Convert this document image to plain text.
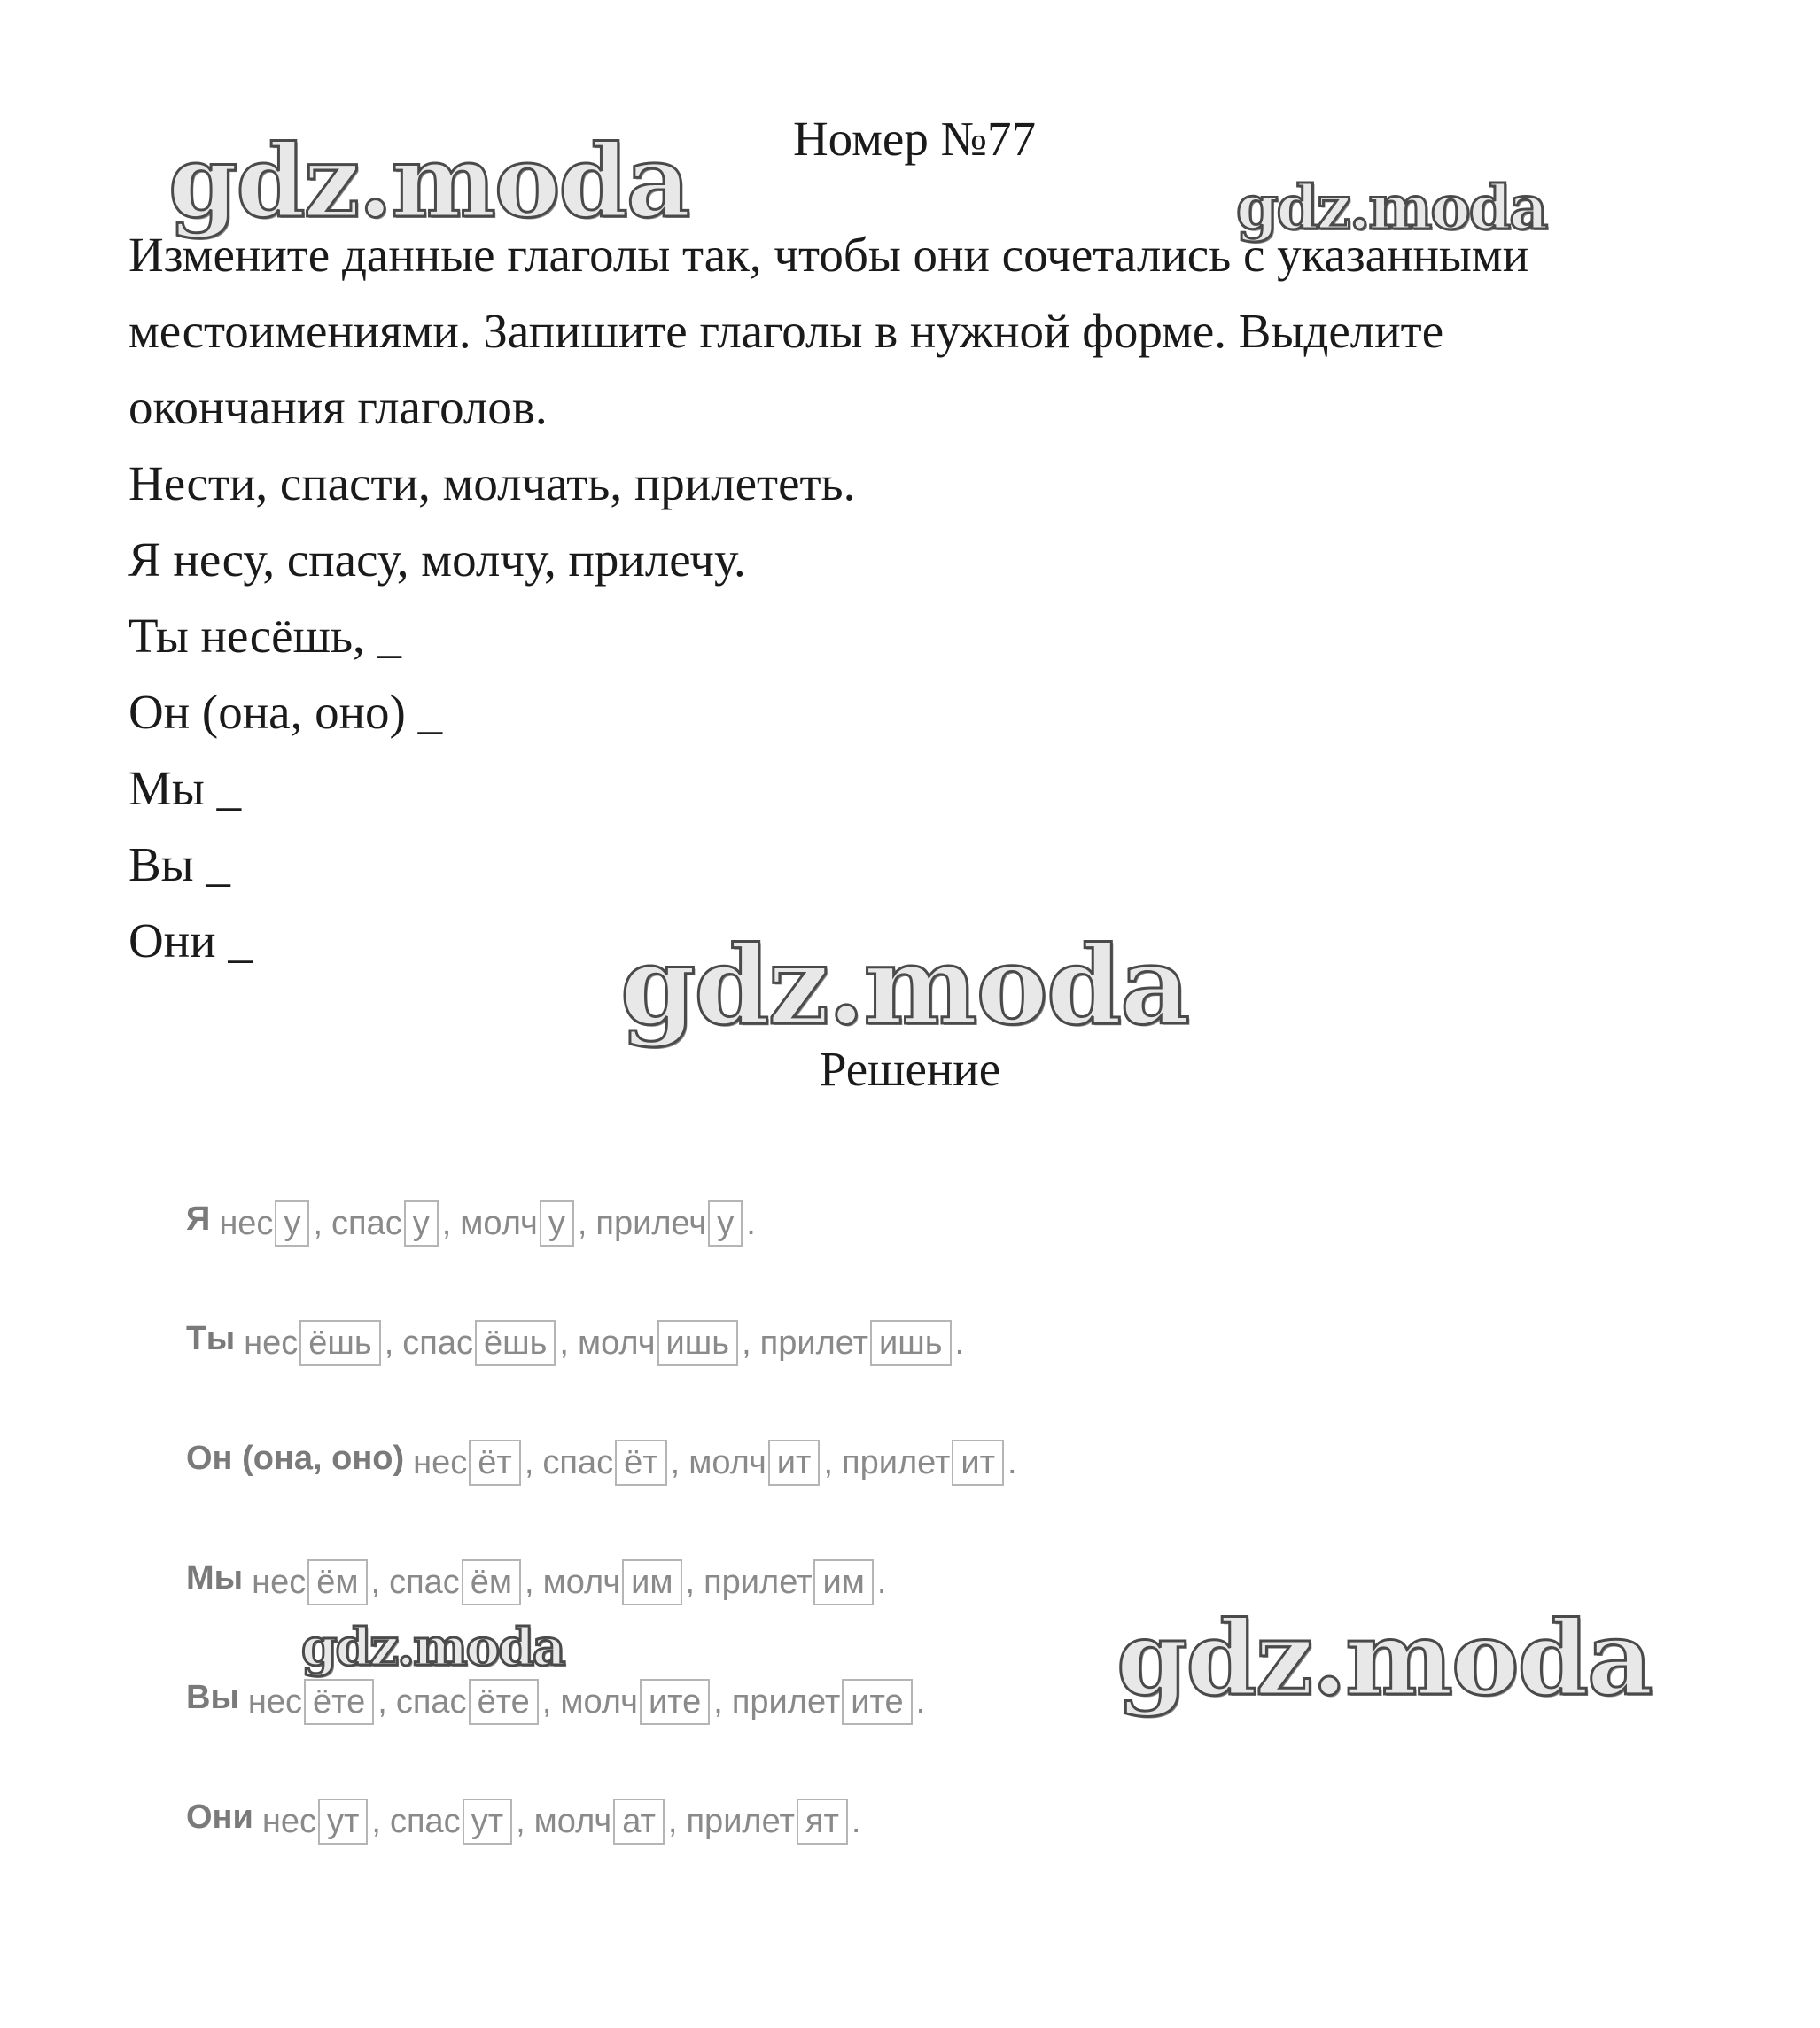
Номер №77

Измените данные глаголы так, чтобы они сочетались с указанными

местоимениями. Запишите глаголы в нужной форме. Выделите

окончания глаголов.

Нести, спасти, молчать, прилететь.

Я несу, спасу, молчу, прилечу.

Ты несёшь, _

Он (она, оно) _

Мы _

Вы _

Они _

Решение
Я нес у , спас у , молч у , прилеч у .
Ты нес ёшь , спас ёшь , молч ишь , прилет ишь .
Он (она, оно) нес ёт , спас ёт , молч ит , прилет ит .
Мы нес ём , спас ём , молч им , прилет им .
Вы нес ёте , спас ёте , молч ите , прилет ите .
Они нес ут , спас ут , молч ат , прилет ят .
gdz.moda	gdz.moda
gdz.moda
gdz.moda	gdz.moda
